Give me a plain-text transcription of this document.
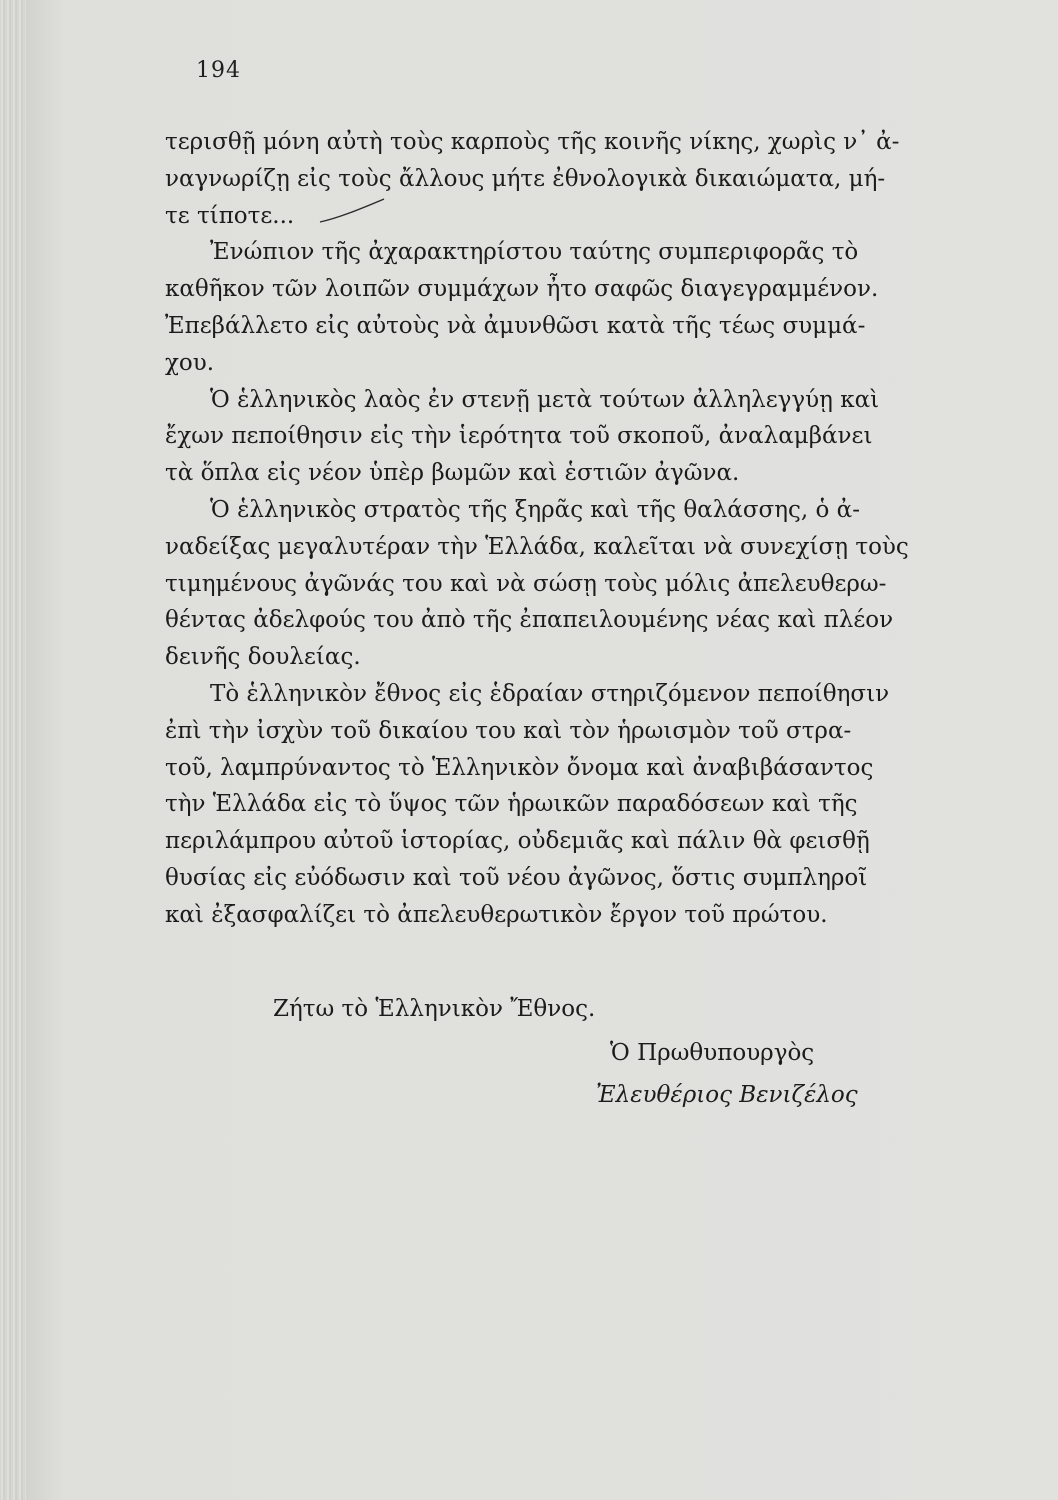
194

τερισθῇ μόνη αὐτὴ τοὺς καρποὺς τῆς κοινῆς νίκης, χωρὶς ν᾽ ἀ-
ναγνωρίζῃ εἰς τοὺς ἄλλους μήτε ἐθνολογικὰ δικαιώματα, μή-
τε τίποτε...

Ἐνώπιον τῆς ἀχαρακτηρίστου ταύτης συμπεριφορᾶς τὸ
καθῆκον τῶν λοιπῶν συμμάχων ἦτο σαφῶς διαγεγραμμένον.
Ἐπεβάλλετο εἰς αὐτοὺς νὰ ἀμυνθῶσι κατὰ τῆς τέως συμμά-
χου.

Ὁ ἑλληνικὸς λαὸς ἐν στενῇ μετὰ τούτων ἀλληλεγγύῃ καὶ
ἔχων πεποίθησιν εἰς τὴν ἱερότητα τοῦ σκοποῦ, ἀναλαμβάνει
τὰ ὅπλα εἰς νέον ὑπὲρ βωμῶν καὶ ἑστιῶν ἀγῶνα.

Ὁ ἑλληνικὸς στρατὸς τῆς ξηρᾶς καὶ τῆς θαλάσσης, ὁ ἀ-
ναδείξας μεγαλυτέραν τὴν Ἑλλάδα, καλεῖται νὰ συνεχίσῃ τοὺς
τιμημένους ἀγῶνάς του καὶ νὰ σώσῃ τοὺς μόλις ἀπελευθερω-
θέντας ἀδελφούς του ἀπὸ τῆς ἐπαπειλουμένης νέας καὶ πλέον
δεινῆς δουλείας.

Τὸ ἑλληνικὸν ἔθνος εἰς ἑδραίαν στηριζόμενον πεποίθησιν
ἐπὶ τὴν ἰσχὺν τοῦ δικαίου του καὶ τὸν ἡρωισμὸν τοῦ στρα-
τοῦ, λαμπρύναντος τὸ Ἑλληνικὸν ὄνομα καὶ ἀναβιβάσαντος
τὴν Ἑλλάδα εἰς τὸ ὕψος τῶν ἡρωικῶν παραδόσεων καὶ τῆς
περιλάμπρου αὐτοῦ ἱστορίας, οὐδεμιᾶς καὶ πάλιν θὰ φεισθῇ
θυσίας εἰς εὐόδωσιν καὶ τοῦ νέου ἀγῶνος, ὅστις συμπληροῖ
καὶ ἐξασφαλίζει τὸ ἀπελευθερωτικὸν ἔργον τοῦ πρώτου.

Ζήτω τὸ Ἑλληνικὸν Ἔθνος.
Ὁ Πρωθυπουργὸς
Ἐλευθέριος Βενιζέλος
